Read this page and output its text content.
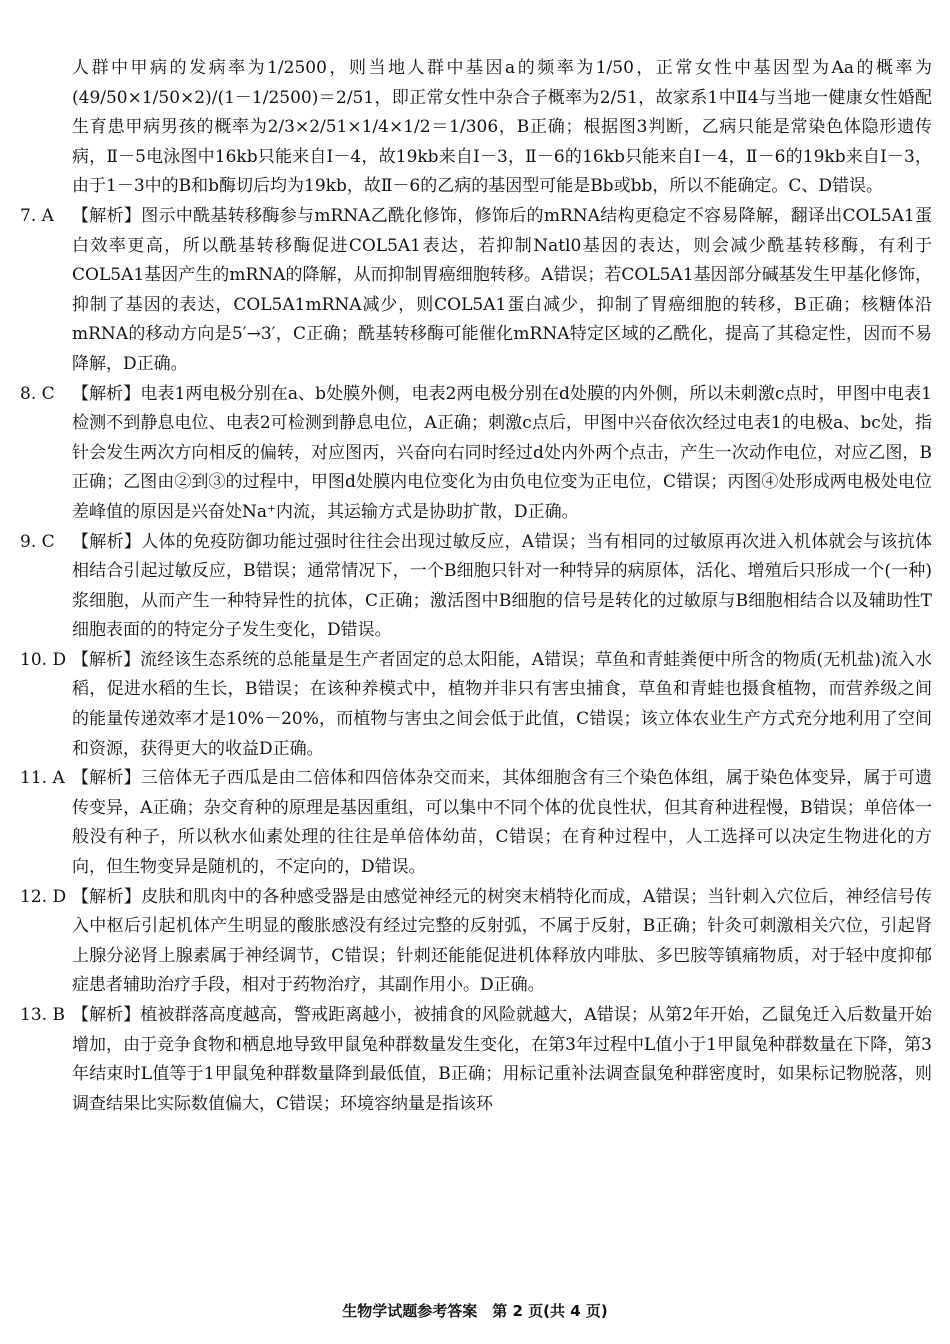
人群中甲病的发病率为1/2500，则当地人群中基因a的频率为1/50，正常女性中基因型为Aa的概率为(49/50×1/50×2)/(1－1/2500)＝2/51，即正常女性中杂合子概率为2/51，故家系1中Ⅱ4与当地一健康女性婚配生育患甲病男孩的概率为2/3×2/51×1/4×1/2＝1/306，B正确；根据图3判断，乙病只能是常染色体隐形遗传病，Ⅱ－5电泳图中16kb只能来自Ⅰ－4，故19kb来自Ⅰ－3，Ⅱ－6的16kb只能来自Ⅰ－4，Ⅱ－6的19kb来自Ⅰ－3，由于1－3中的B和b酶切后均为19kb，故Ⅱ－6的乙病的基因型可能是Bb或bb，所以不能确定。C、D错误。
7. A	【解析】图示中酰基转移酶参与mRNA乙酰化修饰，修饰后的mRNA结构更稳定不容易降解，翻译出COL5A1蛋白效率更高，所以酰基转移酶促进COL5A1表达，若抑制Natl0基因的表达，则会减少酰基转移酶，有利于COL5A1基因产生的mRNA的降解，从而抑制胃癌细胞转移。A错误；若COL5A1基因部分碱基发生甲基化修饰，抑制了基因的表达，COL5A1mRNA减少，则COL5A1蛋白减少，抑制了胃癌细胞的转移，B正确；核糖体沿mRNA的移动方向是5′→3′，C正确；酰基转移酶可能催化mRNA特定区域的乙酰化，提高了其稳定性，因而不易降解，D正确。
8. C	【解析】电表1两电极分别在a、b处膜外侧，电表2两电极分别在d处膜的内外侧，所以未刺激c点时，甲图中电表1检测不到静息电位、电表2可检测到静息电位，A正确；刺激c点后，甲图中兴奋依次经过电表1的电极a、bc处，指针会发生两次方向相反的偏转，对应图丙，兴奋向右同时经过d处内外两个点击，产生一次动作电位，对应乙图，B正确；乙图由②到③的过程中，甲图d处膜内电位变化为由负电位变为正电位，C错误；丙图④处形成两电极处电位差峰值的原因是兴奋处Na⁺内流，其运输方式是协助扩散，D正确。
9. C	【解析】人体的免疫防御功能过强时往往会出现过敏反应，A错误；当有相同的过敏原再次进入机体就会与该抗体相结合引起过敏反应，B错误；通常情况下，一个B细胞只针对一种特异的病原体，活化、增殖后只形成一个(一种)浆细胞，从而产生一种特异性的抗体，C正确；激活图中B细胞的信号是转化的过敏原与B细胞相结合以及辅助性T细胞表面的的特定分子发生变化，D错误。
10. D 【解析】流经该生态系统的总能量是生产者固定的总太阳能，A错误；草鱼和青蛙粪便中所含的物质(无机盐)流入水稻，促进水稻的生长，B错误；在该种养模式中，植物并非只有害虫捕食，草鱼和青蛙也摄食植物，而营养级之间的能量传递效率才是10%－20%，而植物与害虫之间会低于此值，C错误；该立体农业生产方式充分地利用了空间和资源，获得更大的收益D正确。
11. A 【解析】三倍体无子西瓜是由二倍体和四倍体杂交而来，其体细胞含有三个染色体组，属于染色体变异，属于可遗传变异，A正确；杂交育种的原理是基因重组，可以集中不同个体的优良性状，但其育种进程慢，B错误；单倍体一般没有种子，所以秋水仙素处理的往往是单倍体幼苗，C错误；在育种过程中，人工选择可以决定生物进化的方向，但生物变异是随机的，不定向的，D错误。
12. D 【解析】皮肤和肌肉中的各种感受器是由感觉神经元的树突末梢特化而成，A错误；当针刺入穴位后，神经信号传入中枢后引起机体产生明显的酸胀感没有经过完整的反射弧，不属于反射，B正确；针灸可刺激相关穴位，引起肾上腺分泌肾上腺素属于神经调节，C错误；针刺还能能促进机体释放内啡肽、多巴胺等镇痛物质，对于轻中度抑郁症患者辅助治疗手段，相对于药物治疗，其副作用小。D正确。
13. B 【解析】植被群落高度越高，警戒距离越小，被捕食的风险就越大，A错误；从第2年开始，乙鼠兔迁入后数量开始增加，由于竞争食物和栖息地导致甲鼠兔种群数量发生变化，在第3年过程中L值小于1甲鼠兔种群数量在下降，第3年结束时L值等于1甲鼠兔种群数量降到最低值，B正确；用标记重补法调查鼠兔种群密度时，如果标记物脱落，则调查结果比实际数值偏大，C错误；环境容纳量是指该环
生物学试题参考答案　第 2 页(共 4 页)
